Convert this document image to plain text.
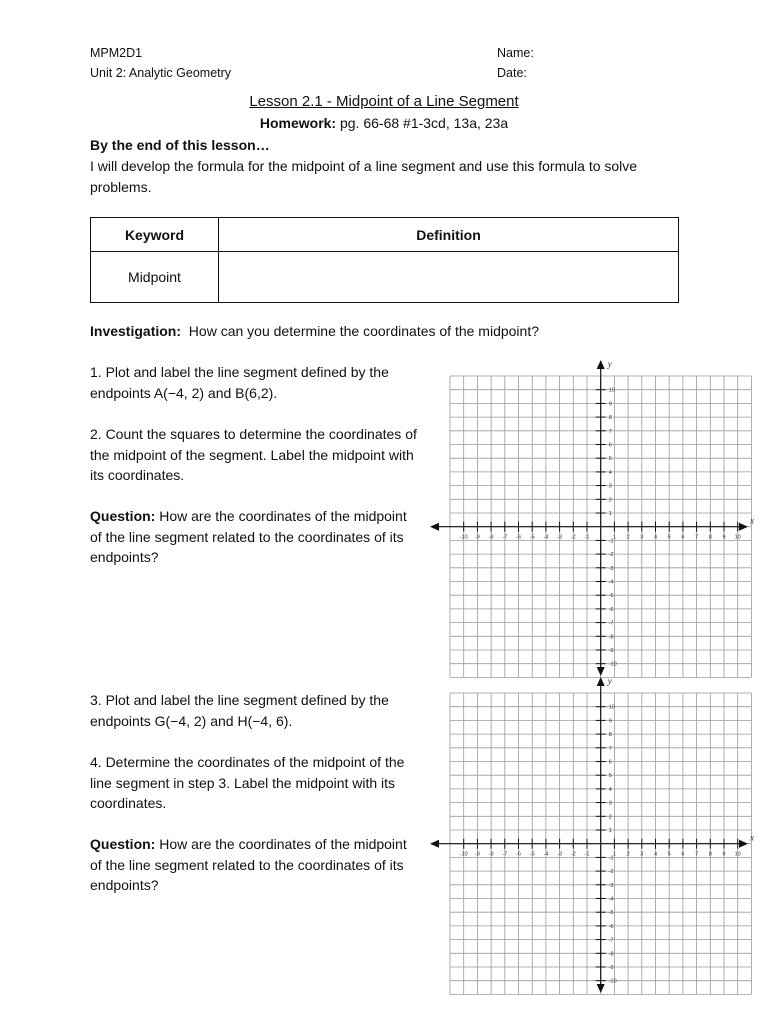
MPM2D1
Unit 2: Analytic Geometry
Name:
Date:
Lesson 2.1 - Midpoint of a Line Segment
Homework: pg. 66-68 #1-3cd, 13a, 23a
By the end of this lesson…
I will develop the formula for the midpoint of a line segment and use this formula to solve problems.
Keyword	Definition
Midpoint	
Investigation:  How can you determine the coordinates of the midpoint?
1. Plot and label the line segment defined by the endpoints A(−4, 2) and B(6,2).
2. Count the squares to determine the coordinates of the midpoint of the segment. Label the midpoint with its coordinates.
Question: How are the coordinates of the midpoint of the line segment related to the coordinates of its endpoints?
3. Plot and label the line segment defined by the endpoints G(−4, 2) and H(−4, 6).
4. Determine the coordinates of the midpoint of the line segment in step 3. Label the midpoint with its coordinates.
Question: How are the coordinates of the midpoint of the line segment related to the coordinates of its endpoints?
x
y
-10 -9 -8 -7 -6 -5 -4 -3 -2 -1	1 2 3 4 5 6 7 8 9 10
10
9
8
7
6
5
4
3
2
1
-1
-2
-3
-4
-5
-6
-7
-8
-9
-10
x
y
-10 -9 -8 -7 -6 -5 -4 -3 -2 -1	1 2 3 4 5 6 7 8 9 10
10
9
8
7
6
5
4
3
2
1
-1
-2
-3
-4
-5
-6
-7
-8
-9
-10
